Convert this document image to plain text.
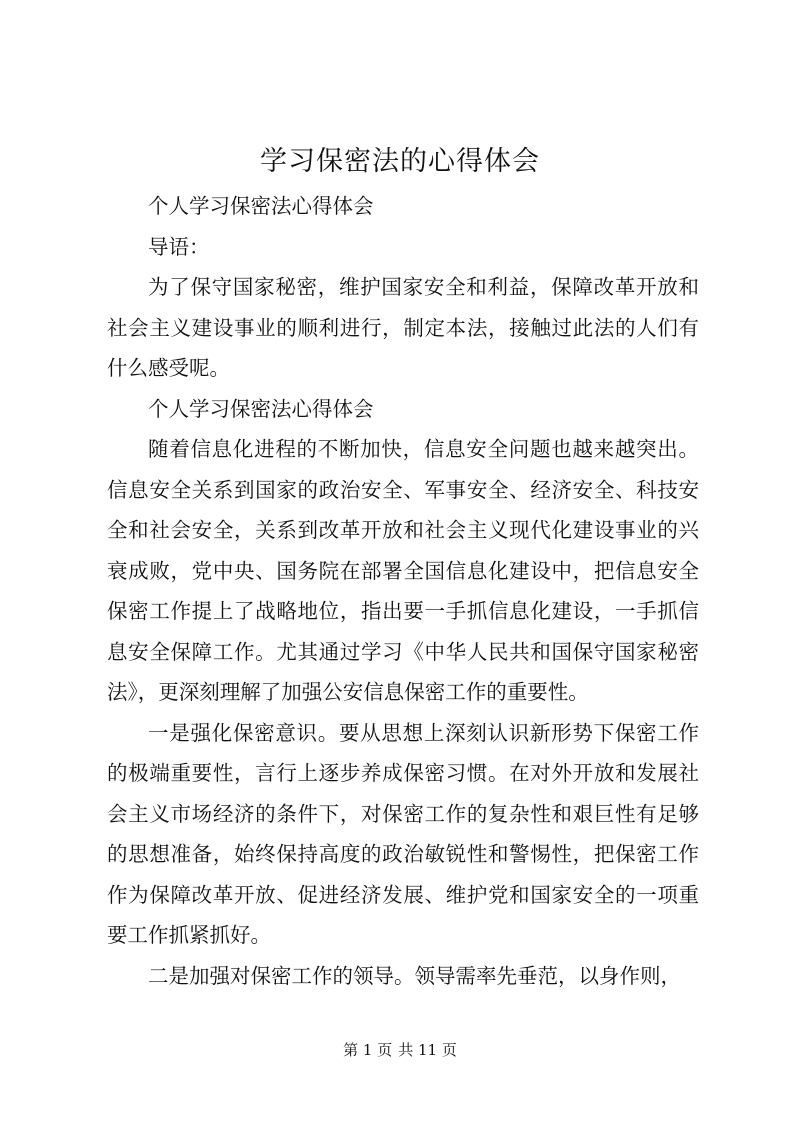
学习保密法的心得体会

个人学习保密法心得体会

导语：

为了保守国家秘密，维护国家安全和利益，保障改革开放和社会主义建设事业的顺利进行，制定本法，接触过此法的人们有什么感受呢。

个人学习保密法心得体会

随着信息化进程的不断加快，信息安全问题也越来越突出。信息安全关系到国家的政治安全、军事安全、经济安全、科技安全和社会安全，关系到改革开放和社会主义现代化建设事业的兴衰成败，党中央、国务院在部署全国信息化建设中，把信息安全保密工作提上了战略地位，指出要一手抓信息化建设，一手抓信息安全保障工作。尤其通过学习《中华人民共和国保守国家秘密法》，更深刻理解了加强公安信息保密工作的重要性。

一是强化保密意识。要从思想上深刻认识新形势下保密工作的极端重要性，言行上逐步养成保密习惯。在对外开放和发展社会主义市场经济的条件下，对保密工作的复杂性和艰巨性有足够的思想准备，始终保持高度的政治敏锐性和警惕性，把保密工作作为保障改革开放、促进经济发展、维护党和国家安全的一项重要工作抓紧抓好。

二是加强对保密工作的领导。领导需率先垂范，以身作则，

第 1 页 共 11 页
